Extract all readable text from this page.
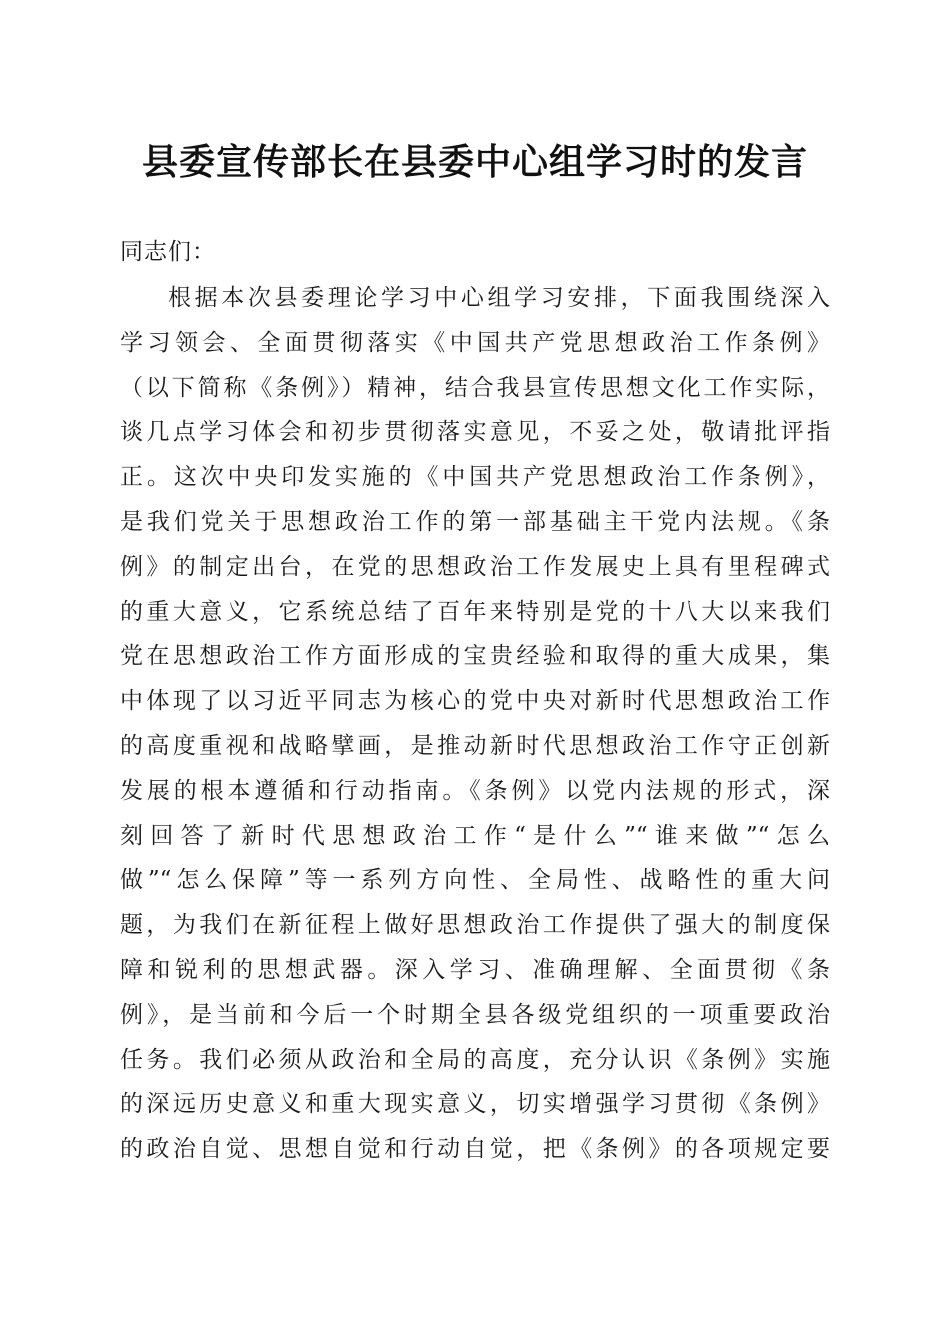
县委宣传部长在县委中心组学习时的发言

同志们：

根据本次县委理论学习中心组学习安排，下面我围绕深入
学习领会、全面贯彻落实《中国共产党思想政治工作条例》
（以下简称《条例》）精神，结合我县宣传思想文化工作实际，
谈几点学习体会和初步贯彻落实意见，不妥之处，敬请批评指
正。这次中央印发实施的《中国共产党思想政治工作条例》，
是我们党关于思想政治工作的第一部基础主干党内法规。《条
例》的制定出台，在党的思想政治工作发展史上具有里程碑式
的重大意义，它系统总结了百年来特别是党的十八大以来我们
党在思想政治工作方面形成的宝贵经验和取得的重大成果，集
中体现了以习近平同志为核心的党中央对新时代思想政治工作
的高度重视和战略擘画，是推动新时代思想政治工作守正创新
发展的根本遵循和行动指南。《条例》以党内法规的形式，深
刻回答了新时代思想政治工作“是什么”“谁来做”“怎么
做”“怎么保障”等一系列方向性、全局性、战略性的重大问
题，为我们在新征程上做好思想政治工作提供了强大的制度保
障和锐利的思想武器。深入学习、准确理解、全面贯彻《条
例》，是当前和今后一个时期全县各级党组织的一项重要政治
任务。我们必须从政治和全局的高度，充分认识《条例》实施
的深远历史意义和重大现实意义，切实增强学习贯彻《条例》
的政治自觉、思想自觉和行动自觉，把《条例》的各项规定要
